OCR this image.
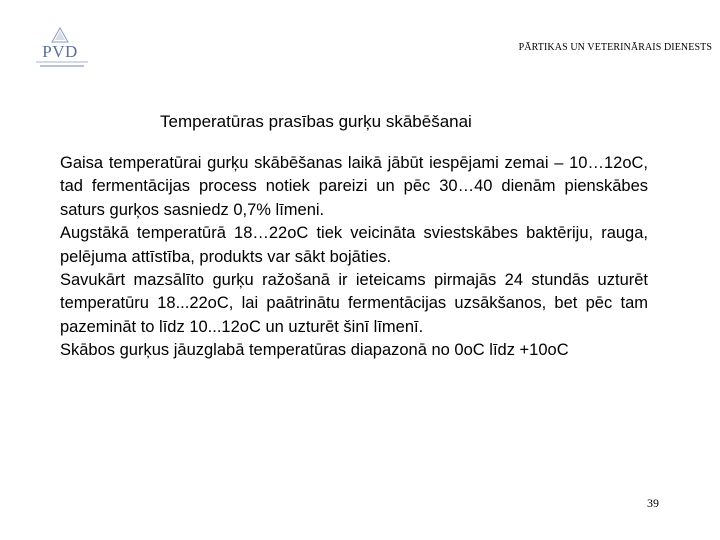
PVD	PĀRTIKAS UN VETERINĀRAIS DIENESTS
Temperatūras prasības gurķu skābēšanai

Gaisa temperatūrai gurķu skābēšanas laikā jābūt iespējami zemai – 10…12oC, tad fermentācijas process notiek pareizi un pēc 30…40 dienām pienskābes saturs gurķos sasniedz 0,7% līmeni.

Augstākā temperatūrā 18…22oC tiek veicināta sviestskābes baktēriju, rauga, pelējuma attīstība, produkts var sākt bojāties.

Savukārt mazsālīto gurķu ražošanā ir ieteicams pirmajās 24 stundās uzturēt temperatūru 18...22oC, lai paātrinātu fermentācijas uzsākšanos, bet pēc tam pazemināt to līdz 10...12oC un uzturēt šinī līmenī.

Skābos gurķus jāuzglabā temperatūras diapazonā no 0oC līdz +10oC

39
